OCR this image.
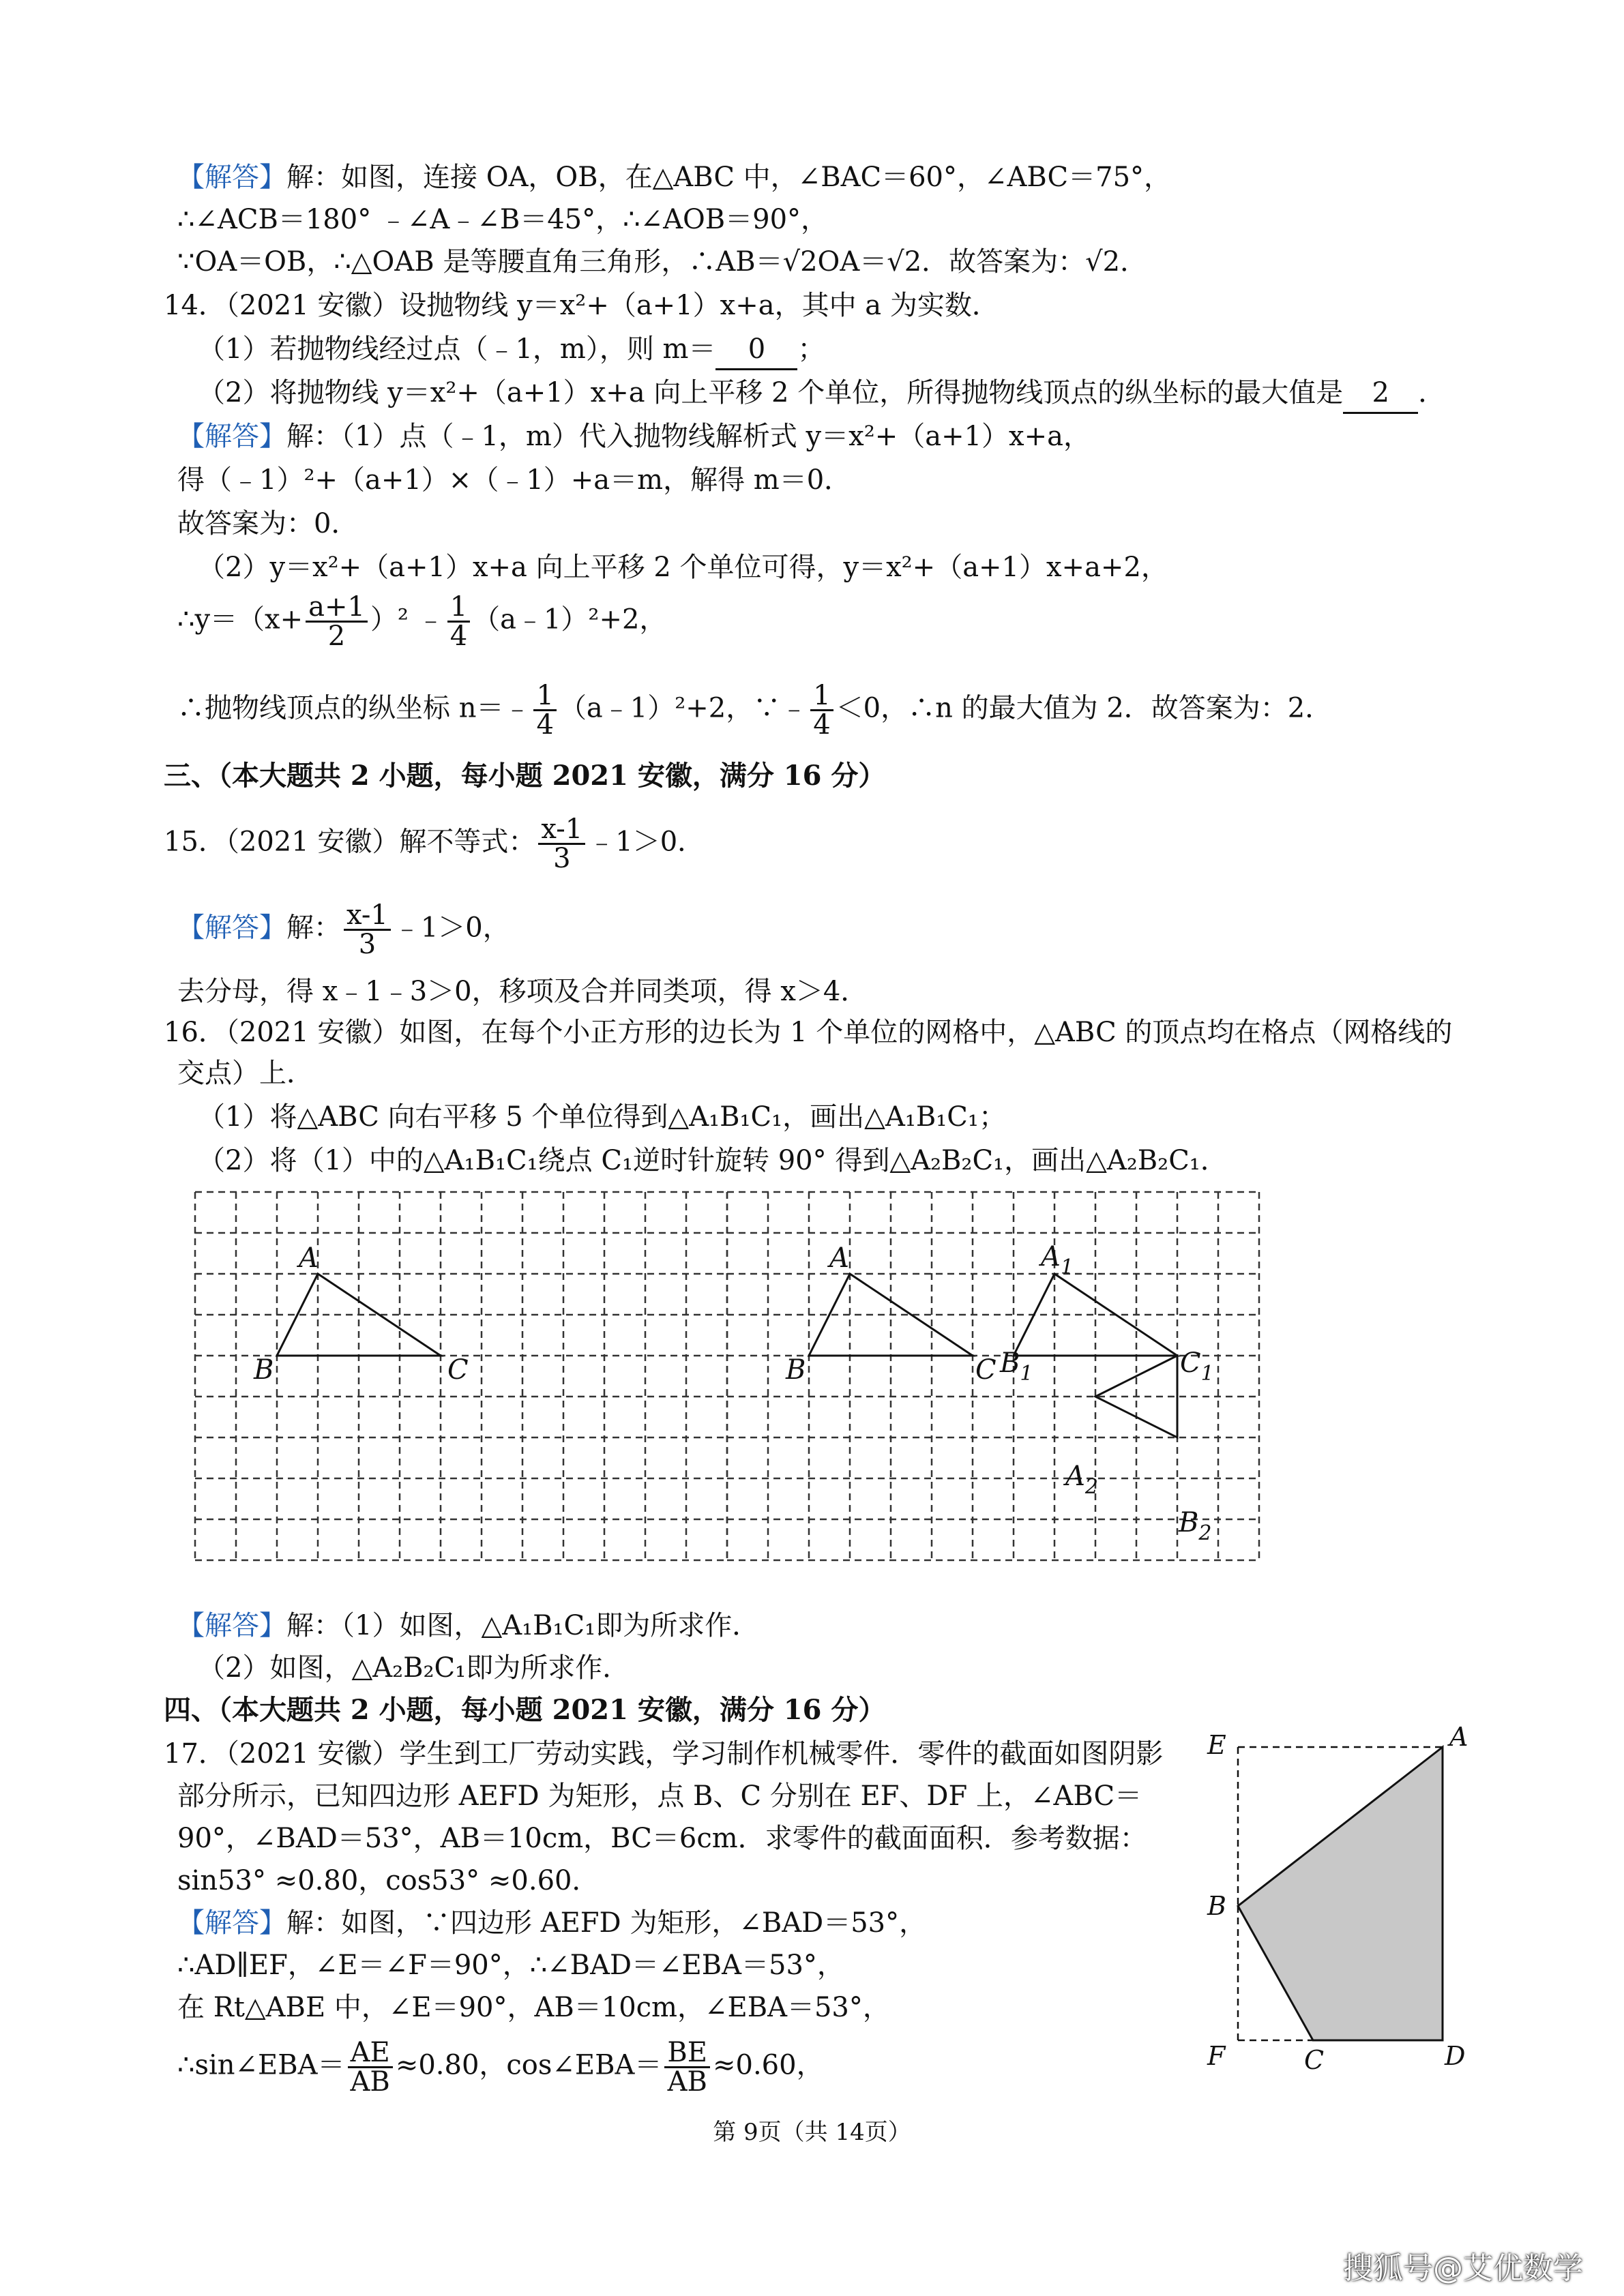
【解答】解：如图，连接 OA，OB，在△ABC 中，∠BAC＝60°，∠ABC＝75°，
∴∠ACB＝180° ﹣∠A﹣∠B＝45°，∴∠AOB＝90°，
∵OA＝OB，∴△OAB 是等腰直角三角形，∴AB＝√2OA＝√2．故答案为：√2．
14．（2021 安徽）设抛物线 y＝x²+（a+1）x+a，其中 a 为实数．
（1）若抛物线经过点（﹣1，m），则 m＝ 0 ；
（2）将抛物线 y＝x²+（a+1）x+a 向上平移 2 个单位，所得抛物线顶点的纵坐标的最大值是 2 ．
【解答】解：（1）点（﹣1，m）代入抛物线解析式 y＝x²+（a+1）x+a，
得（﹣1）²+（a+1）×（﹣1）+a＝m，解得 m＝0．
故答案为：0．
（2）y＝x²+（a+1）x+a 向上平移 2 个单位可得，y＝x²+（a+1）x+a+2，
∴y＝（x+ $\frac{a+1}{2} )^2$ ﹣ $\frac{1}{4}$ （a﹣1）²+2，
∴抛物线顶点的纵坐标 n＝﹣ $\frac{1}{4}$ （a﹣1）²+2，∵﹣ $\frac{1}{4} <0$，∴n 的最大值为 2．故答案为：2．
三、（本大题共 2 小题，每小题 2021 安徽，满分 16 分）
15．（2021 安徽）解不等式： $\frac{x-1}{3}$ ﹣1＞0．
【解答】解： $\frac{x-1}{3}$ ﹣1＞0，
去分母，得 x﹣1﹣3＞0，移项及合并同类项，得 x＞4．
16．（2021 安徽）如图，在每个小正方形的边长为 1 个单位的网格中，△ABC 的顶点均在格点（网格线的
交点）上．
（1）将△ABC 向右平移 5 个单位得到△A₁B₁C₁，画出△A₁B₁C₁；
（2）将（1）中的△A₁B₁C₁绕点 C₁逆时针旋转 90° 得到△A₂B₂C₁，画出△A₂B₂C₁．
A
B	C
A
B	C
$A_1$
$B_1$	$C_1$
$A_2$
$B_2$
【解答】解：（1）如图，△A₁B₁C₁即为所求作．
（2）如图，△A₂B₂C₁即为所求作．
四、（本大题共 2 小题，每小题 2021 安徽，满分 16 分）
17．（2021 安徽）学生到工厂劳动实践，学习制作机械零件．零件的截面如图阴影
部分所示，已知四边形 AEFD 为矩形，点 B、C 分别在 EF、DF 上，∠ABC＝
90°，∠BAD＝53°，AB＝10cm，BC＝6cm．求零件的截面面积．参考数据：
sin53° ≈0.80，cos53° ≈0.60．
【解答】解：如图，∵四边形 AEFD 为矩形，∠BAD＝53°，
∴AD∥EF，∠E＝∠F＝90°，∴∠BAD＝∠EBA＝53°，
在 Rt△ABE 中，∠E＝90°，AB＝10cm，∠EBA＝53°，
∴sin∠EBA＝ $\frac{AE}{AB} \approx 0.80$，cos∠EBA＝ $\frac{BE}{AB} \approx 0.60$，
E	A
B
F	C	D
第 9页（共 14页）
搜狐号@艾优数学
